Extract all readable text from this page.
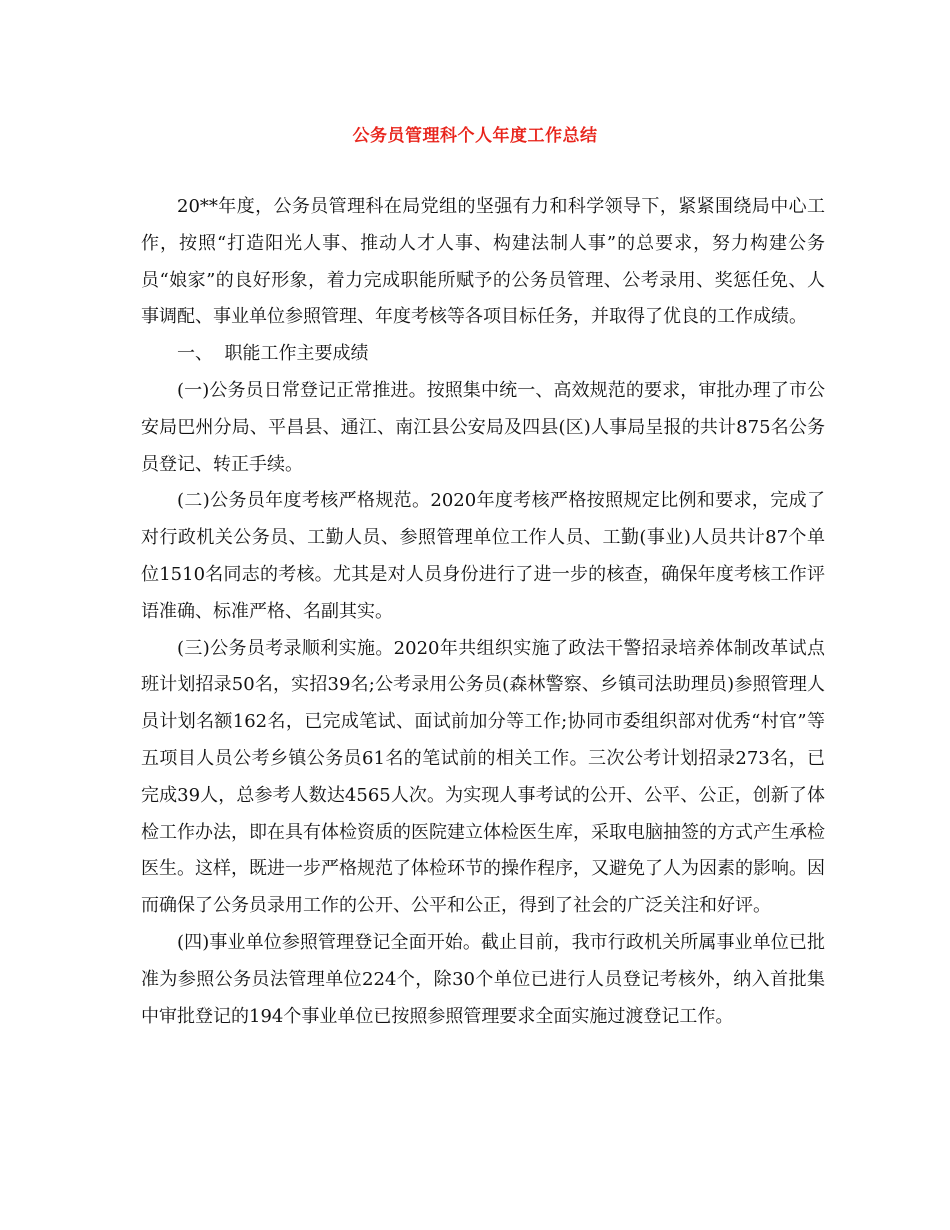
公务员管理科个人年度工作总结

20**年度，公务员管理科在局党组的坚强有力和科学领导下，紧紧围绕局中心工作，按照“打造阳光人事、推动人才人事、构建法制人事”的总要求，努力构建公务员“娘家”的良好形象，着力完成职能所赋予的公务员管理、公考录用、奖惩任免、人事调配、事业单位参照管理、年度考核等各项目标任务，并取得了优良的工作成绩。

一、  职能工作主要成绩

(一)公务员日常登记正常推进。按照集中统一、高效规范的要求，审批办理了市公安局巴州分局、平昌县、通江、南江县公安局及四县(区)人事局呈报的共计875名公务员登记、转正手续。

(二)公务员年度考核严格规范。2020年度考核严格按照规定比例和要求，完成了对行政机关公务员、工勤人员、参照管理单位工作人员、工勤(事业)人员共计87个单位1510名同志的考核。尤其是对人员身份进行了进一步的核查，确保年度考核工作评语准确、标准严格、名副其实。

(三)公务员考录顺利实施。2020年共组织实施了政法干警招录培养体制改革试点班计划招录50名，实招39名;公考录用公务员(森林警察、乡镇司法助理员)参照管理人员计划名额162名，已完成笔试、面试前加分等工作;协同市委组织部对优秀“村官”等五项目人员公考乡镇公务员61名的笔试前的相关工作。三次公考计划招录273名，已完成39人，总参考人数达4565人次。为实现人事考试的公开、公平、公正，创新了体检工作办法，即在具有体检资质的医院建立体检医生库，采取电脑抽签的方式产生承检医生。这样，既进一步严格规范了体检环节的操作程序，又避免了人为因素的影响。因而确保了公务员录用工作的公开、公平和公正，得到了社会的广泛关注和好评。

(四)事业单位参照管理登记全面开始。截止目前，我市行政机关所属事业单位已批准为参照公务员法管理单位224个，除30个单位已进行人员登记考核外，纳入首批集中审批登记的194个事业单位已按照参照管理要求全面实施过渡登记工作。
